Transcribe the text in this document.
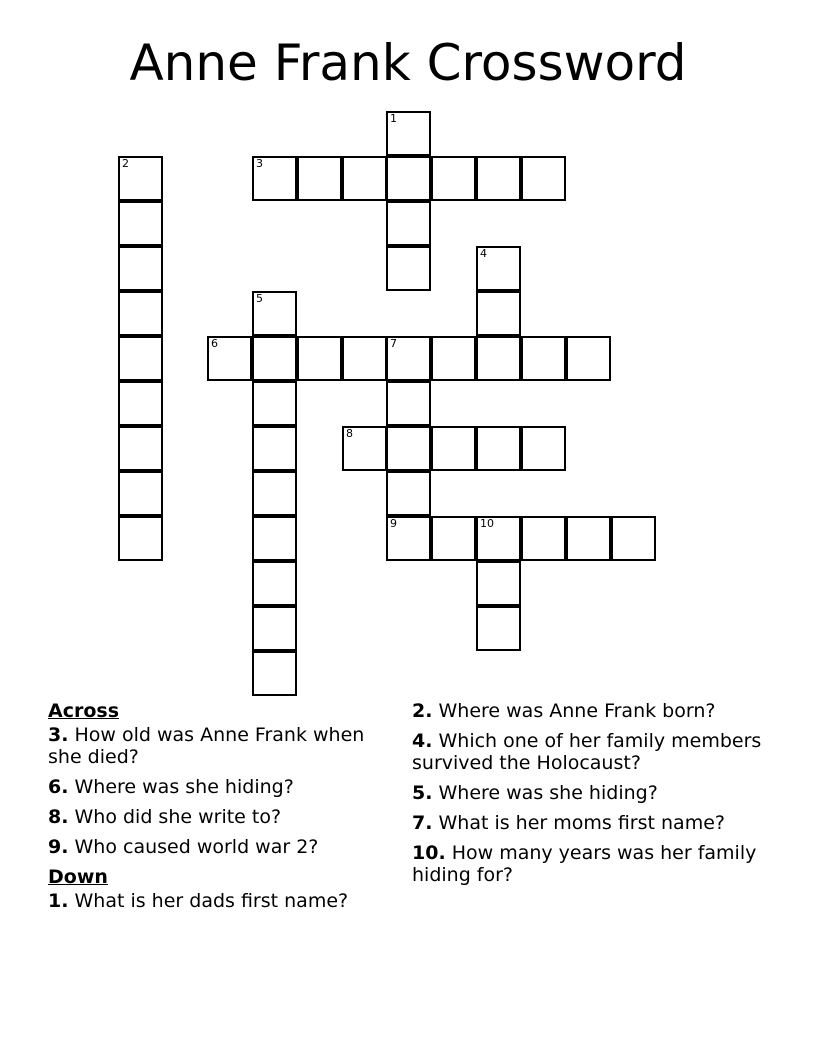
Anne Frank Crossword
1
2	3
4
5
6	7
8
9	10
Across
3. How old was Anne Frank when she died?
6. Where was she hiding?
8. Who did she write to?
9. Who caused world war 2?
Down
1. What is her dads first name?
2. Where was Anne Frank born?
4. Which one of her family members survived the Holocaust?
5. Where was she hiding?
7. What is her moms first name?
10. How many years was her family hiding for?
